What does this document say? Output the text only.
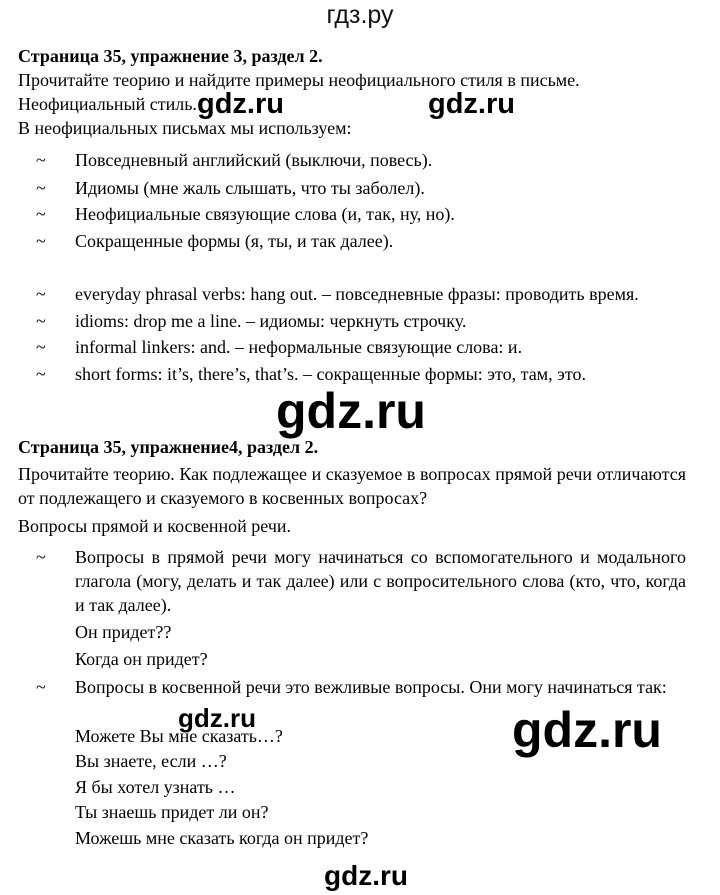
гдз.ру
Страница 35, упражнение 3, раздел 2.
Прочитайте теорию и найдите примеры неофициального стиля в письме.
Неофициальный стиль.
В неофициальных письмах мы используем:
~ Повседневный английский (выключи, повесь).
~ Идиомы (мне жаль слышать, что ты заболел).
~ Неофициальные связующие слова (и, так, ну, но).
~ Сокращенные формы (я, ты, и так далее).
~ everyday phrasal verbs: hang out. – повседневные фразы: проводить время.
~ idioms: drop me a line. – идиомы: черкнуть строчку.
~ informal linkers: and. – неформальные связующие слова: и.
~ short forms: it’s, there’s, that’s. – сокращенные формы: это, там, это.
Страница 35, упражнение4, раздел 2.
Прочитайте теорию. Как подлежащее и сказуемое в вопросах прямой речи отличаются от подлежащего и сказуемого в косвенных вопросах?
Вопросы прямой и косвенной речи.
~ Вопросы в прямой речи могу начинаться со вспомогательного и модального глагола (могу, делать и так далее) или с вопросительного слова (кто, что, когда и так далее).
Он придет??
Когда он придет?
~ Вопросы в косвенной речи это вежливые вопросы. Они могу начинаться так:
Можете Вы мне сказать…?
Вы знаете, если …?
Я бы хотел узнать …
Ты знаешь придет ли он?
Можешь мне сказать когда он придет?
gdz.ru	gdz.ru
gdz.ru
gdz.ru	gdz.ru
gdz.ru
